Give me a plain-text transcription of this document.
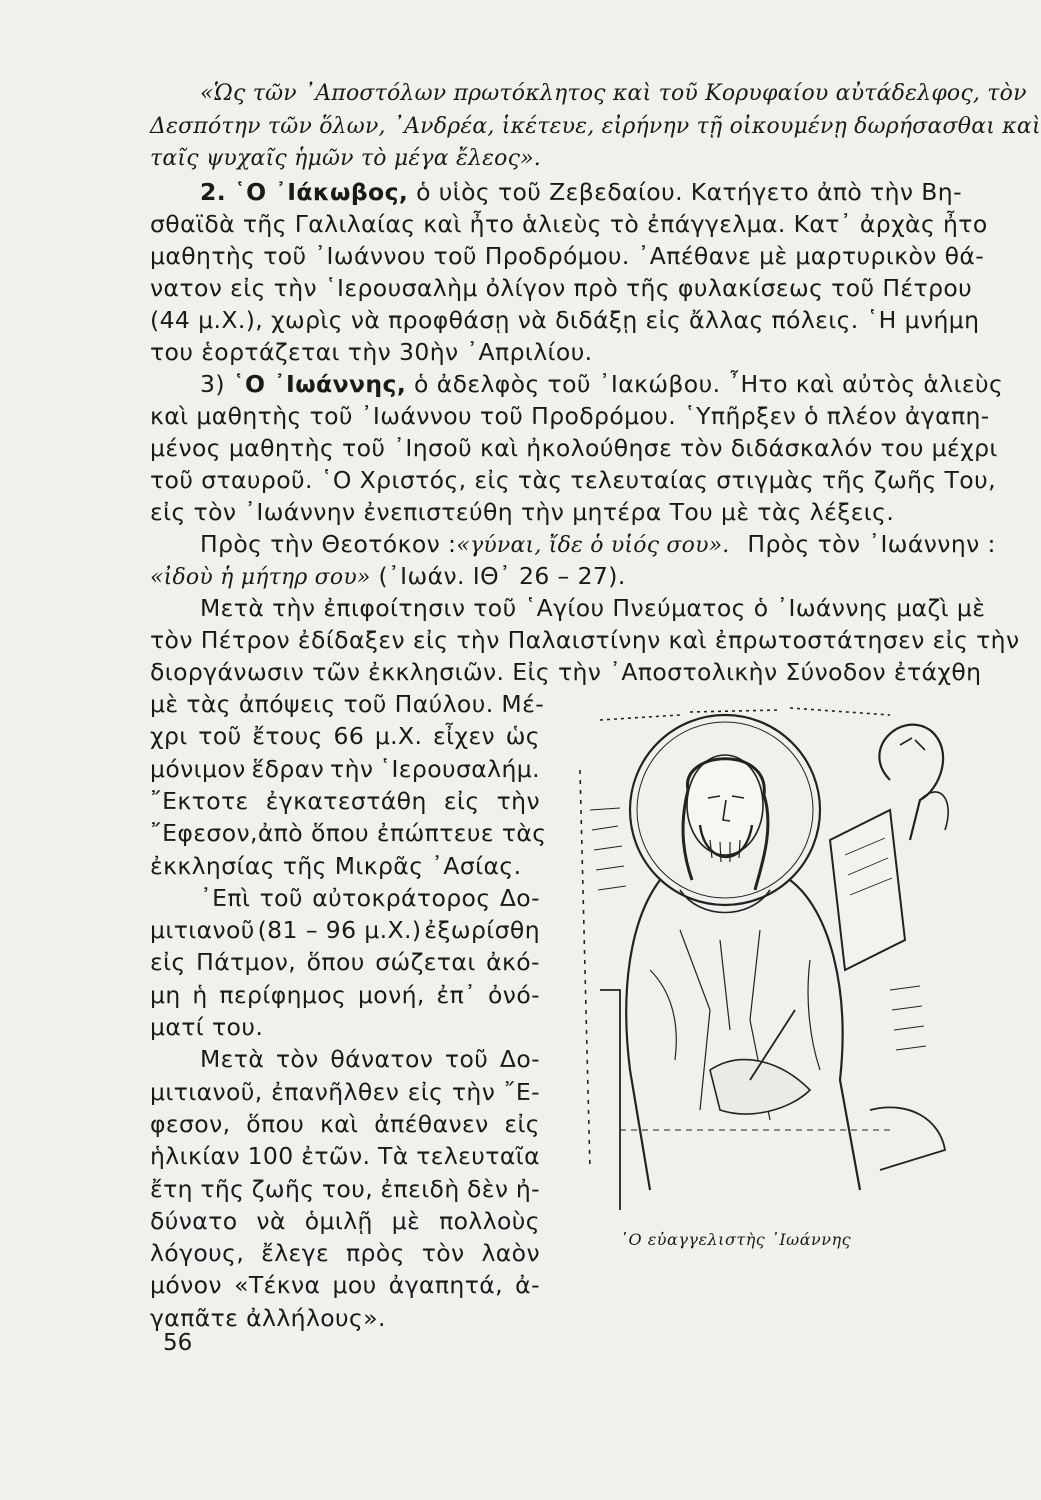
«Ὡς τῶν ᾿Αποστόλων πρωτόκλητος καὶ τοῦ Κορυφαίου αὐτάδελφος, τὸν
Δεσπότην τῶν ὅλων, ᾿Ανδρέα, ἱκέτευε, εἰρήνην τῇ οἰκουμένῃ δωρήσασθαι καὶ
ταῖς ψυχαῖς ἡμῶν τὸ μέγα ἔλεος».
2. ῾Ο ᾿Ιάκωβος, ὁ υἱὸς τοῦ Ζεβεδαίου. Κατήγετο ἀπὸ τὴν Βη-
σθαϊδὰ τῆς Γαλιλαίας καὶ ἦτο ἁλιεὺς τὸ ἐπάγγελμα. Κατ᾿ ἀρχὰς ἦτο
μαθητὴς τοῦ ᾿Ιωάννου τοῦ Προδρόμου. ᾿Απέθανε μὲ μαρτυρικὸν θά-
νατον εἰς τὴν ῾Ιερουσαλὴμ ὀλίγον πρὸ τῆς φυλακίσεως τοῦ Πέτρου
(44 μ.Χ.), χωρὶς νὰ προφθάσῃ νὰ διδάξῃ εἰς ἄλλας πόλεις. ῾Η μνήμη
του ἑορτάζεται τὴν 30ὴν ᾿Απριλίου.
3) ῾Ο ᾿Ιωάννης, ὁ ἀδελφὸς τοῦ ᾿Ιακώβου. ῏Ητο καὶ αὐτὸς ἁλιεὺς
καὶ μαθητὴς τοῦ ᾿Ιωάννου τοῦ Προδρόμου. ῾Υπῆρξεν ὁ πλέον ἀγαπη-
μένος μαθητὴς τοῦ ᾿Ιησοῦ καὶ ἠκολούθησε τὸν διδάσκαλόν του μέχρι
τοῦ σταυροῦ. ῾Ο Χριστός, εἰς τὰς τελευταίας στιγμὰς τῆς ζωῆς Του,
εἰς τὸν ᾿Ιωάννην ἐνεπιστεύθη τὴν μητέρα Του μὲ τὰς λέξεις.
Πρὸς τὴν Θεοτόκον :«γύναι, ἴδε ὁ υἱός σου». Πρὸς τὸν ᾿Ιωάννην :
«ἰδοὺ ἡ μήτηρ σου» (᾿Ιωάν. ΙΘ᾿ 26 – 27).
Μετὰ τὴν ἐπιφοίτησιν τοῦ ῾Αγίου Πνεύματος ὁ ᾿Ιωάννης μαζὶ μὲ
τὸν Πέτρον ἐδίδαξεν εἰς τὴν Παλαιστίνην καὶ ἐπρωτοστάτησεν εἰς τὴν
διοργάνωσιν τῶν ἐκκλησιῶν. Εἰς τὴν ᾿Αποστολικὴν Σύνοδον ἐτάχθη
μὲ τὰς ἀπόψεις τοῦ Παύλου. Μέ-
χρι τοῦ ἔτους 66 μ.Χ. εἶχεν ὡς
μόνιμον ἕδραν τὴν ῾Ιερουσαλήμ.
῎Εκτοτε ἐγκατεστάθη εἰς τὴν
῎Εφεσον,ἀπὸ ὅπου ἐπώπτευε τὰς
ἐκκλησίας τῆς Μικρᾶς ᾿Ασίας.
᾿Επὶ τοῦ αὐτοκράτορος Δο-
μιτιανοῦ (81 – 96 μ.Χ.) ἐξωρίσθη
εἰς Πάτμον, ὅπου σώζεται ἀκό-
μη ἡ περίφημος μονή, ἐπ᾿ ὀνό-
ματί του.
Μετὰ τὸν θάνατον τοῦ Δο-
μιτιανοῦ, ἐπανῆλθεν εἰς τὴν ῎Ε-
φεσον, ὅπου καὶ ἀπέθανεν εἰς
ἡλικίαν 100 ἐτῶν. Τὰ τελευταῖα
ἔτη τῆς ζωῆς του, ἐπειδὴ δὲν ἠ-
δύνατο νὰ ὁμιλῇ μὲ πολλοὺς
λόγους, ἔλεγε πρὸς τὸν λαὸν
μόνον «Τέκνα μου ἀγαπητά, ἀ-
γαπᾶτε ἀλλήλους».
῾Ο εὐαγγελιστὴς ᾿Ιωάννης
56
